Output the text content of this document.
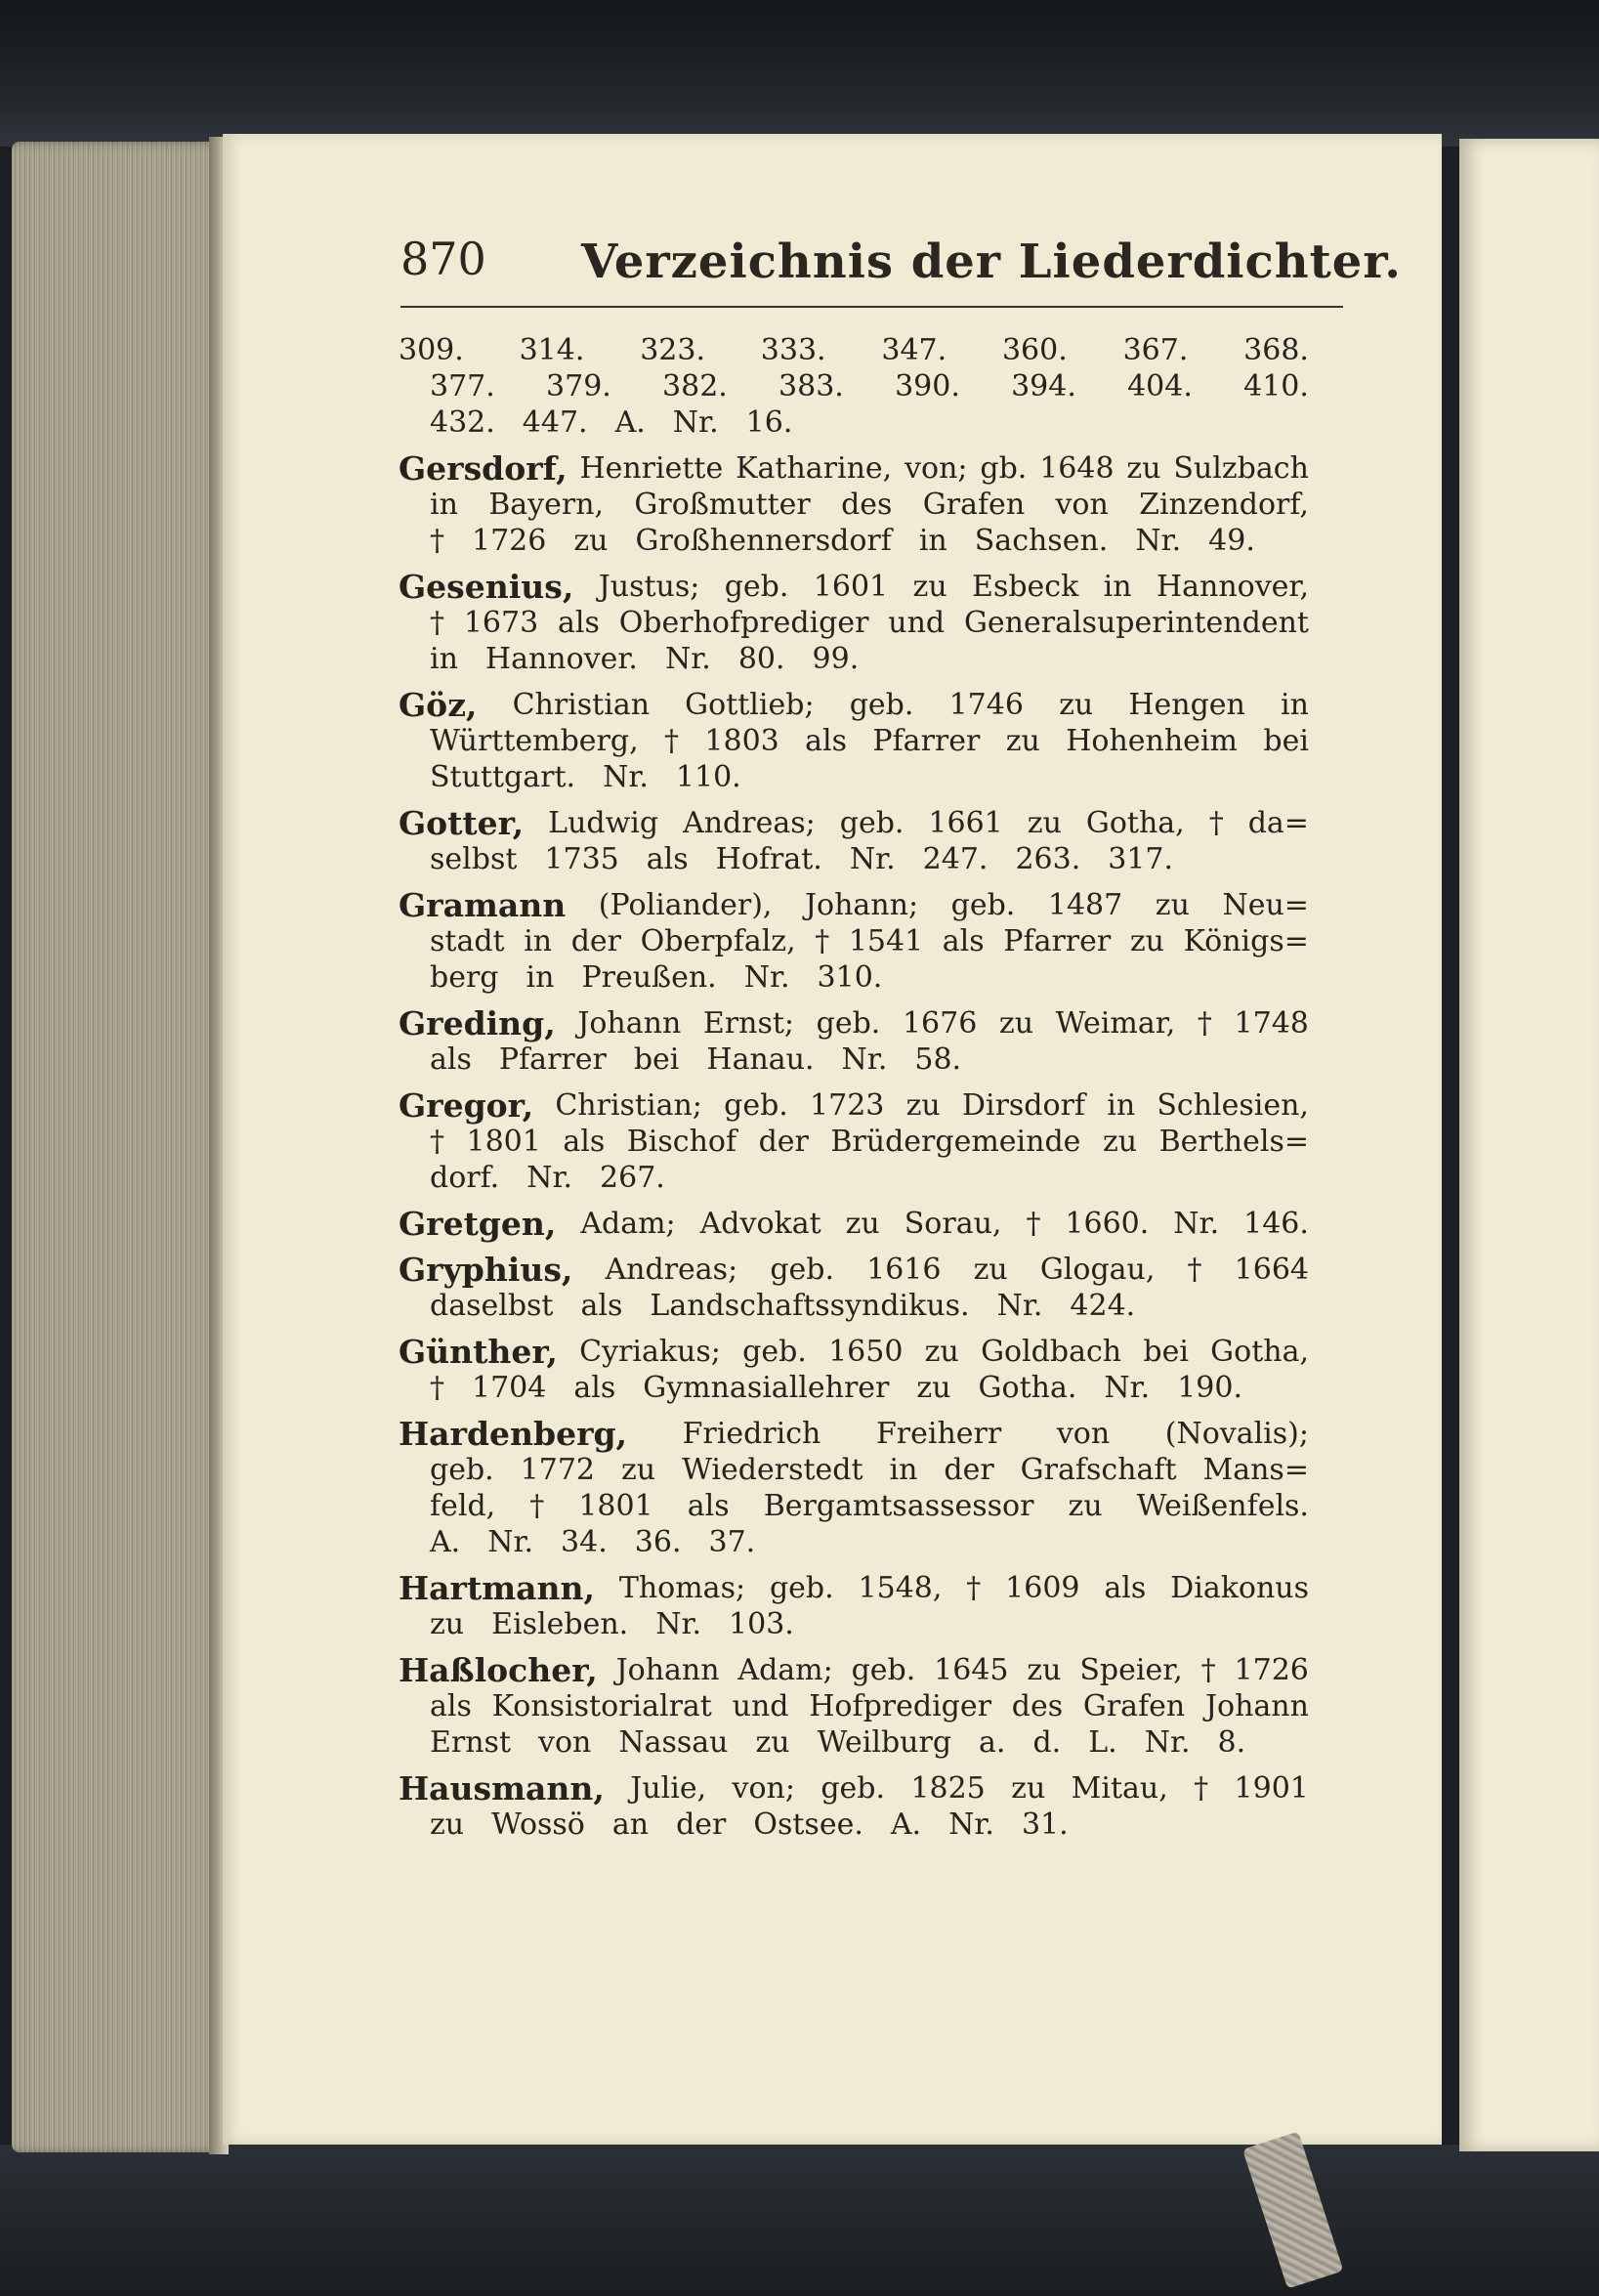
870 Verzeichnis der Liederdichter.
309. 314. 323. 333. 347. 360. 367. 368.
377. 379. 382. 383. 390. 394. 404. 410.
432. 447. A. Nr. 16.
Gersdorf, Henriette Katharine, von; gb. 1648 zu Sulzbach
in Bayern, Großmutter des Grafen von Zinzendorf,
† 1726 zu Großhennersdorf in Sachsen. Nr. 49.
Gesenius, Justus; geb. 1601 zu Esbeck in Hannover,
† 1673 als Oberhofprediger und Generalsuperintendent
in Hannover. Nr. 80. 99.
Göz, Christian Gottlieb; geb. 1746 zu Hengen in
Württemberg, † 1803 als Pfarrer zu Hohenheim bei
Stuttgart. Nr. 110.
Gotter, Ludwig Andreas; geb. 1661 zu Gotha, † da=
selbst 1735 als Hofrat. Nr. 247. 263. 317.
Gramann (Poliander), Johann; geb. 1487 zu Neu=
stadt in der Oberpfalz, † 1541 als Pfarrer zu Königs=
berg in Preußen. Nr. 310.
Greding, Johann Ernst; geb. 1676 zu Weimar, † 1748
als Pfarrer bei Hanau. Nr. 58.
Gregor, Christian; geb. 1723 zu Dirsdorf in Schlesien,
† 1801 als Bischof der Brüdergemeinde zu Berthels=
dorf. Nr. 267.
Gretgen, Adam; Advokat zu Sorau, † 1660. Nr. 146.
Gryphius, Andreas; geb. 1616 zu Glogau, † 1664
daselbst als Landschaftssyndikus. Nr. 424.
Günther, Cyriakus; geb. 1650 zu Goldbach bei Gotha,
† 1704 als Gymnasiallehrer zu Gotha. Nr. 190.
Hardenberg, Friedrich Freiherr von (Novalis);
geb. 1772 zu Wiederstedt in der Grafschaft Mans=
feld, † 1801 als Bergamtsassessor zu Weißenfels.
A. Nr. 34. 36. 37.
Hartmann, Thomas; geb. 1548, † 1609 als Diakonus
zu Eisleben. Nr. 103.
Haßlocher, Johann Adam; geb. 1645 zu Speier, † 1726
als Konsistorialrat und Hofprediger des Grafen Johann
Ernst von Nassau zu Weilburg a. d. L. Nr. 8.
Hausmann, Julie, von; geb. 1825 zu Mitau, † 1901
zu Wossö an der Ostsee. A. Nr. 31.
